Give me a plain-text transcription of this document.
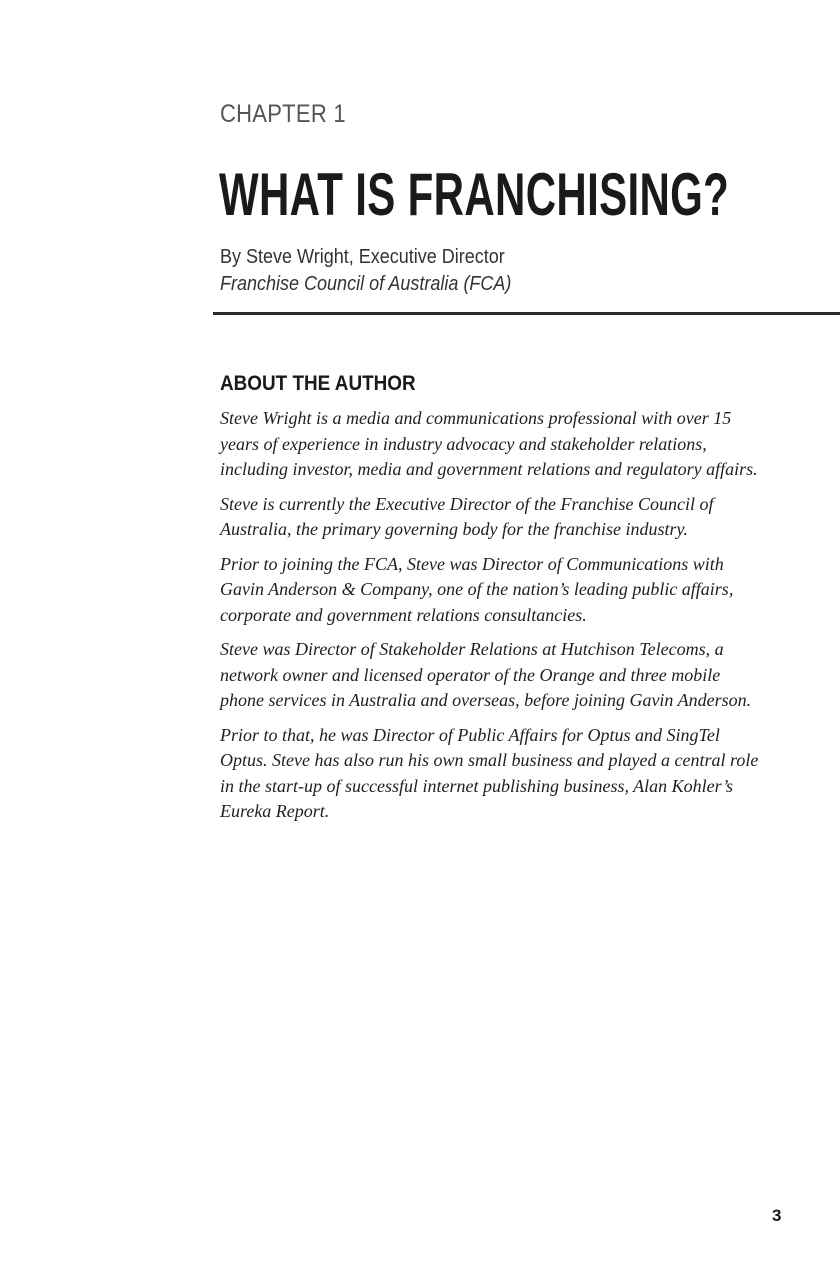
CHAPTER 1
WHAT IS FRANCHISING?
By Steve Wright, Executive Director
Franchise Council of Australia (FCA)
ABOUT THE AUTHOR

Steve Wright is a media and communications professional with over 15 years of experience in industry advocacy and stakeholder relations, including investor, media and government relations and regulatory affairs.

Steve is currently the Executive Director of the Franchise Council of Australia, the primary governing body for the franchise industry.

Prior to joining the FCA, Steve was Director of Communications with Gavin Anderson & Company, one of the nation’s leading public affairs, corporate and government relations consultancies.

Steve was Director of Stakeholder Relations at Hutchison Telecoms, a network owner and licensed operator of the Orange and three mobile phone services in Australia and overseas, before joining Gavin Anderson.

Prior to that, he was Director of Public Affairs for Optus and SingTel Optus. Steve has also run his own small business and played a central role in the start-up of successful internet publishing business, Alan Kohler’s Eureka Report.

3
